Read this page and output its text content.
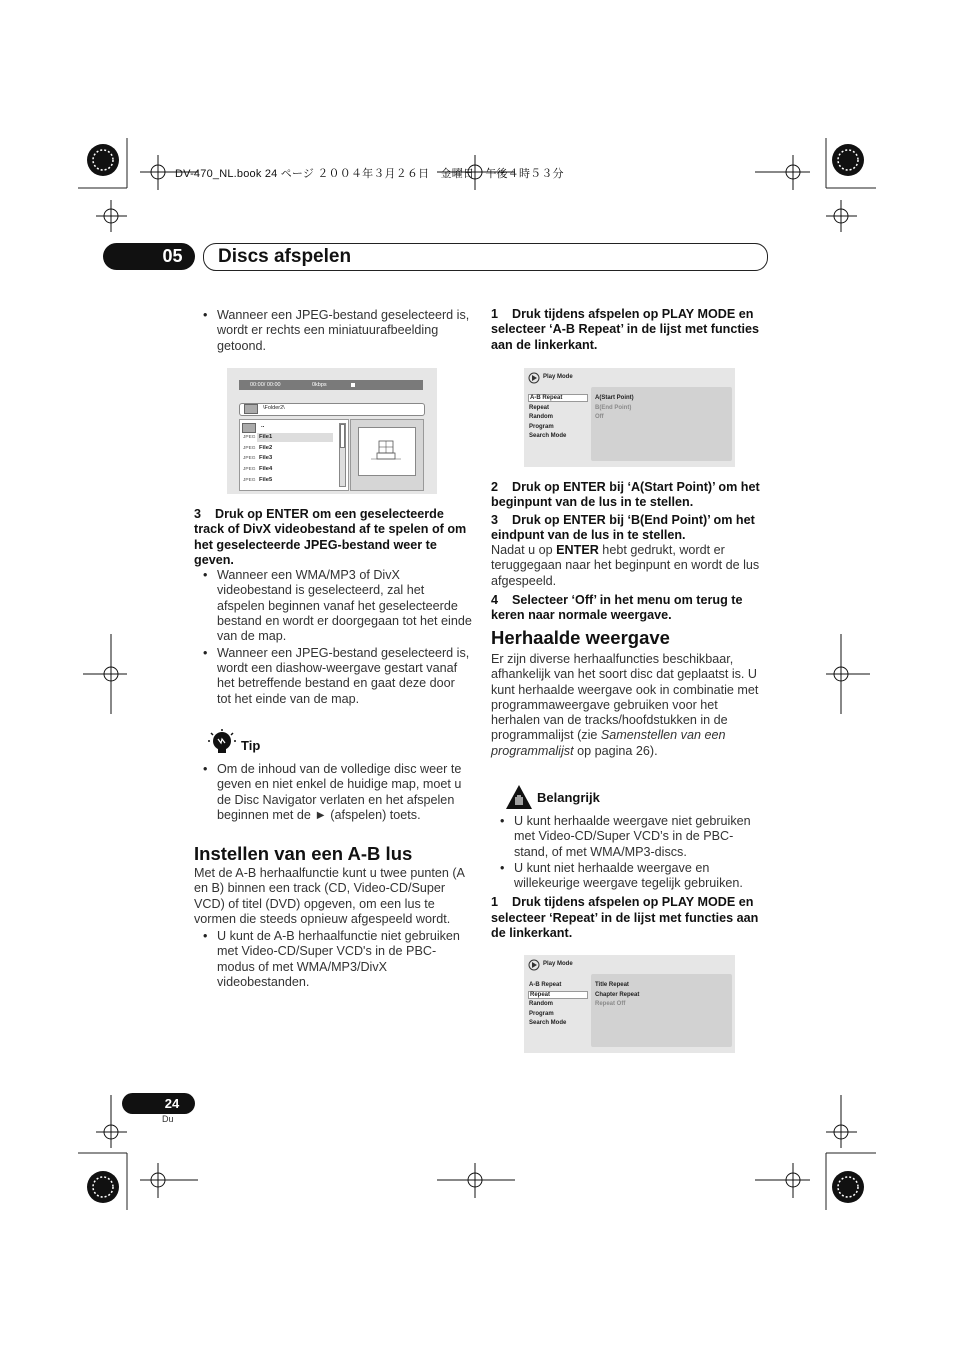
DV-470_NL.book 24 ページ ２００４年３月２６日　金曜日　午後４時５３分
05	Discs afspelen

• Wanneer een JPEG-bestand geselecteerd is, wordt er rechts een miniatuurafbeelding getoond.

00:00/ 00:00	0kbps
\Folder2\
..
JPEG File1
JPEG File2
JPEG File3
JPEG File4
JPEG File5

3 Druk op ENTER om een geselecteerde track of DivX videobestand af te spelen of om het geselecteerde JPEG-bestand weer te geven.

• Wanneer een WMA/MP3 of DivX videobestand is geselecteerd, zal het afspelen beginnen vanaf het geselecteerde bestand en wordt er doorgegaan tot het einde van de map.

• Wanneer een JPEG-bestand geselecteerd is, wordt een diashow-weergave gestart vanaf het betreffende bestand en gaat deze door tot het einde van de map.

Tip

• Om de inhoud van de volledige disc weer te geven en niet enkel de huidige map, moet u de Disc Navigator verlaten en het afspelen beginnen met de ► (afspelen) toets.

Instellen van een A-B lus

Met de A-B herhaalfunctie kunt u twee punten (A en B) binnen een track (CD, Video-CD/Super VCD) of titel (DVD) opgeven, om een lus te vormen die steeds opnieuw afgespeeld wordt.

• U kunt de A-B herhaalfunctie niet gebruiken met Video-CD/Super VCD's in de PBC-modus of met WMA/MP3/DivX videobestanden.

1 Druk tijdens afspelen op PLAY MODE en selecteer ‘A-B Repeat’ in de lijst met functies aan de linkerkant.

Play Mode
A-B Repeat
Repeat
Random
Program
Search Mode
A(Start Point)
B(End Point)
Off

2 Druk op ENTER bij ‘A(Start Point)’ om het beginpunt van de lus in te stellen.

3 Druk op ENTER bij ‘B(End Point)’ om het eindpunt van de lus in te stellen.

Nadat u op ENTER hebt gedrukt, wordt er teruggegaan naar het beginpunt en wordt de lus afgespeeld.

4 Selecteer ‘Off’ in het menu om terug te keren naar normale weergave.

Herhaalde weergave

Er zijn diverse herhaalfuncties beschikbaar, afhankelijk van het soort disc dat geplaatst is. U kunt herhaalde weergave ook in combinatie met programmaweergave gebruiken voor het herhalen van de tracks/hoofdstukken in de programmalijst (zie Samenstellen van een programmalijst op pagina 26).

Belangrijk

• U kunt herhaalde weergave niet gebruiken met Video-CD/Super VCD’s in de PBC-stand, of met WMA/MP3-discs.

• U kunt niet herhaalde weergave en willekeurige weergave tegelijk gebruiken.

1 Druk tijdens afspelen op PLAY MODE en selecteer ‘Repeat’ in de lijst met functies aan de linkerkant.

Play Mode
A-B Repeat
Repeat
Random
Program
Search Mode
Title Repeat
Chapter Repeat
Repeat Off
24
Du
